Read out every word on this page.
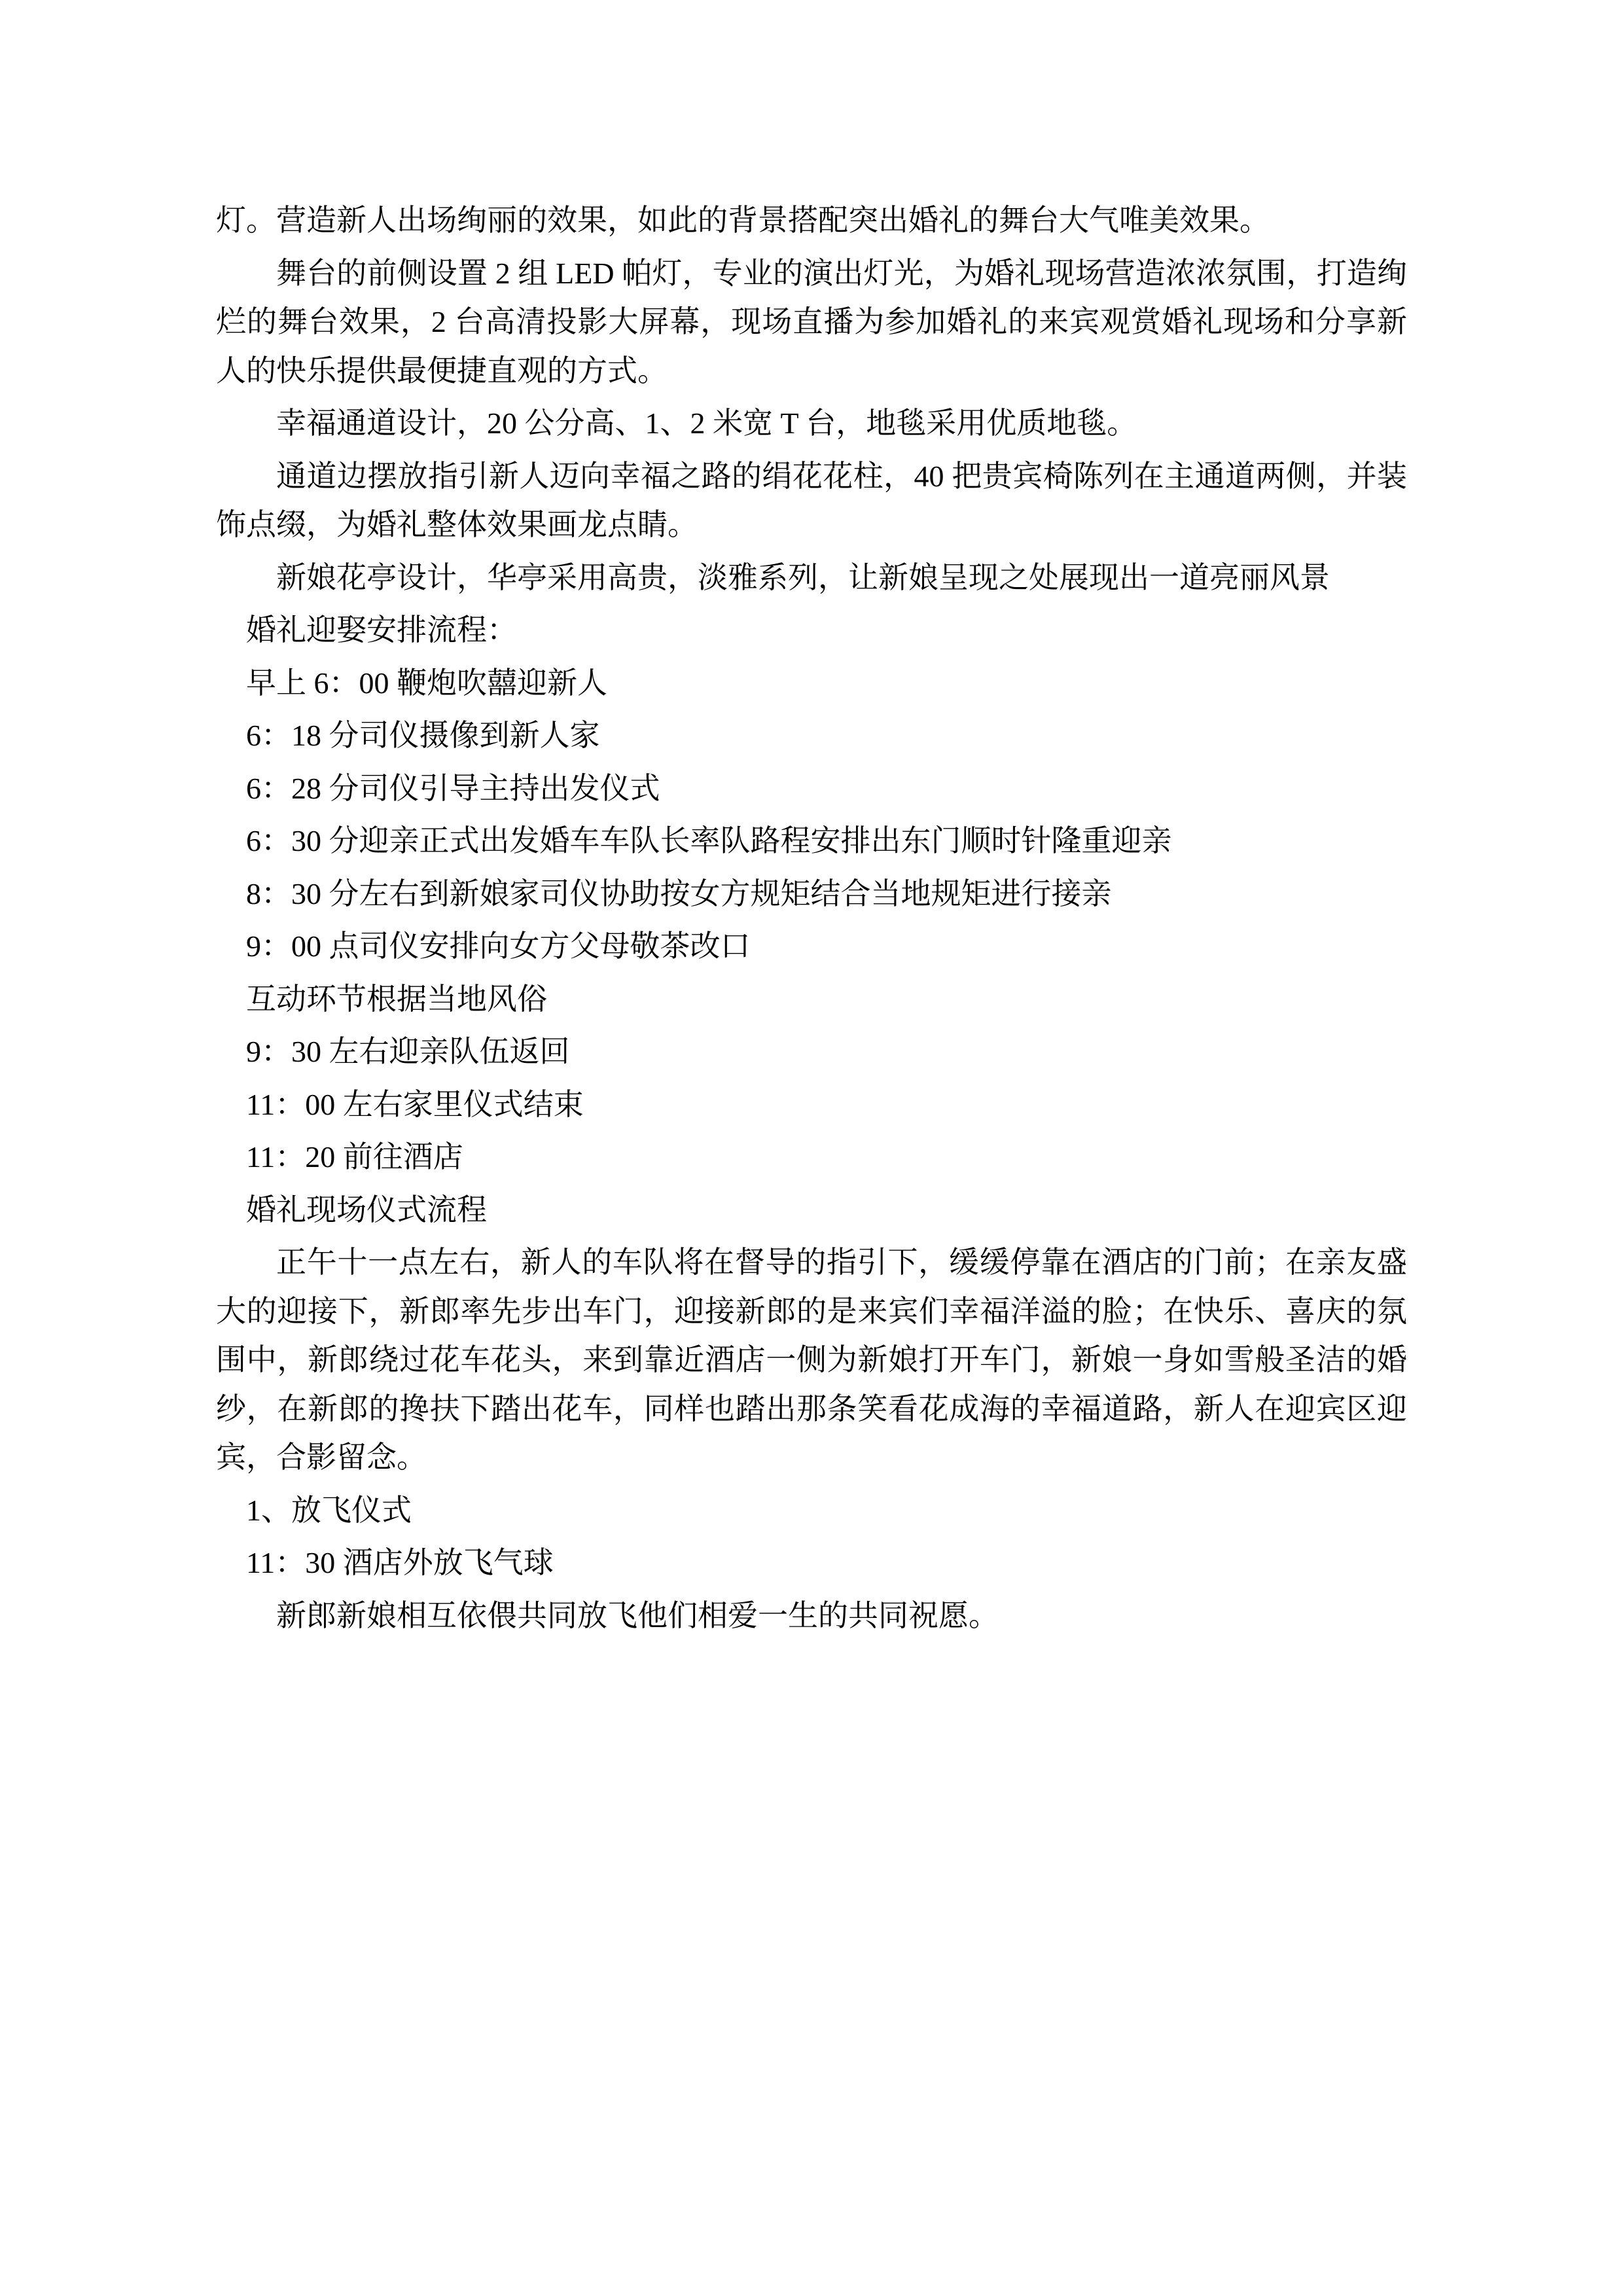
灯。营造新人出场绚丽的效果，如此的背景搭配突出婚礼的舞台大气唯美效果。

舞台的前侧设置 2 组 LED 帕灯，专业的演出灯光，为婚礼现场营造浓浓氛围，打造绚烂的舞台效果，2 台高清投影大屏幕，现场直播为参加婚礼的来宾观赏婚礼现场和分享新人的快乐提供最便捷直观的方式。

幸福通道设计，20 公分高、1、2 米宽 T 台，地毯采用优质地毯。

通道边摆放指引新人迈向幸福之路的绢花花柱，40 把贵宾椅陈列在主通道两侧，并装饰点缀，为婚礼整体效果画龙点睛。

新娘花亭设计，华亭采用高贵，淡雅系列，让新娘呈现之处展现出一道亮丽风景

婚礼迎娶安排流程：

早上 6：00 鞭炮吹囍迎新人

6：18 分司仪摄像到新人家

6：28 分司仪引导主持出发仪式

6：30 分迎亲正式出发婚车车队长率队路程安排出东门顺时针隆重迎亲

8：30 分左右到新娘家司仪协助按女方规矩结合当地规矩进行接亲

9：00 点司仪安排向女方父母敬茶改口

互动环节根据当地风俗

9：30 左右迎亲队伍返回

11：00 左右家里仪式结束

11：20 前往酒店

婚礼现场仪式流程

正午十一点左右，新人的车队将在督导的指引下，缓缓停靠在酒店的门前；在亲友盛大的迎接下，新郎率先步出车门，迎接新郎的是来宾们幸福洋溢的脸；在快乐、喜庆的氛围中，新郎绕过花车花头，来到靠近酒店一侧为新娘打开车门，新娘一身如雪般圣洁的婚纱，在新郎的搀扶下踏出花车，同样也踏出那条笑看花成海的幸福道路，新人在迎宾区迎宾，合影留念。

1、放飞仪式

11：30 酒店外放飞气球

新郎新娘相互依偎共同放飞他们相爱一生的共同祝愿。
